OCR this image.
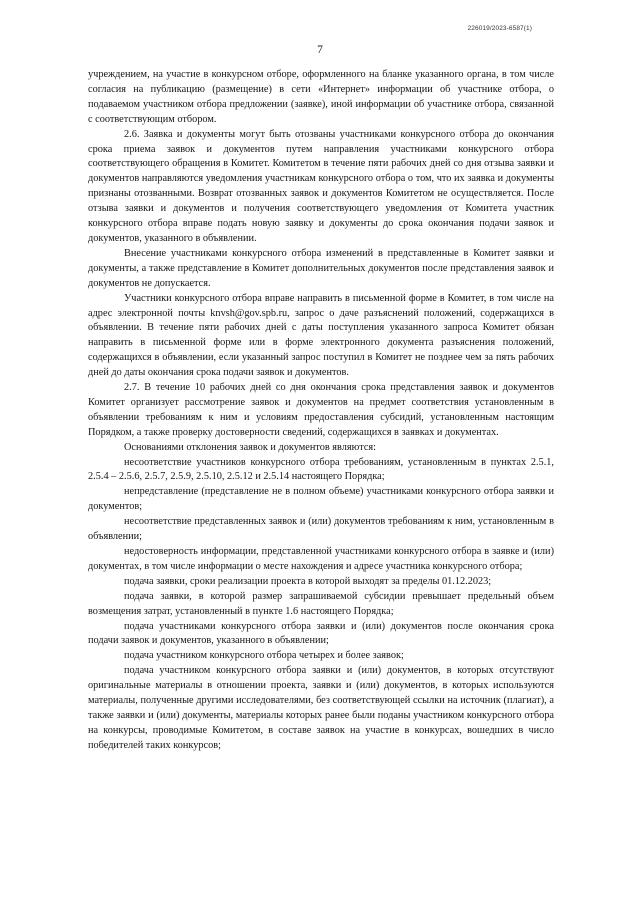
226019/2023-6587(1)
7

учреждением, на участие в конкурсном отборе, оформленного на бланке указанного органа, в том числе согласия на публикацию (размещение) в сети «Интернет» информации об участнике отбора, о подаваемом участником отбора предложении (заявке), иной информации об участнике отбора, связанной с соответствующим отбором.

2.6. Заявка и документы могут быть отозваны участниками конкурсного отбора до окончания срока приема заявок и документов путем направления участниками конкурсного отбора соответствующего обращения в Комитет. Комитетом в течение пяти рабочих дней со дня отзыва заявки и документов направляются уведомления участникам конкурсного отбора о том, что их заявка и документы признаны отозванными. Возврат отозванных заявок и документов Комитетом не осуществляется. После отзыва заявки и документов и получения соответствующего уведомления от Комитета участник конкурсного отбора вправе подать новую заявку и документы до срока окончания подачи заявок и документов, указанного в объявлении.

Внесение участниками конкурсного отбора изменений в представленные в Комитет заявки и документы, а также представление в Комитет дополнительных документов после представления заявок и документов не допускается.

Участники конкурсного отбора вправе направить в письменной форме в Комитет, в том числе на адрес электронной почты knvsh@gov.spb.ru, запрос о даче разъяснений положений, содержащихся в объявлении. В течение пяти рабочих дней с даты поступления указанного запроса Комитет обязан направить в письменной форме или в форме электронного документа разъяснения положений, содержащихся в объявлении, если указанный запрос поступил в Комитет не позднее чем за пять рабочих дней до даты окончания срока подачи заявок и документов.

2.7. В течение 10 рабочих дней со дня окончания срока представления заявок и документов Комитет организует рассмотрение заявок и документов на предмет соответствия установленным в объявлении требованиям к ним и условиям предоставления субсидий, установленным настоящим Порядком, а также проверку достоверности сведений, содержащихся в заявках и документах.

Основаниями отклонения заявок и документов являются:

несоответствие участников конкурсного отбора требованиям, установленным в пунктах 2.5.1, 2.5.4 – 2.5.6, 2.5.7, 2.5.9, 2.5.10, 2.5.12 и 2.5.14 настоящего Порядка;

непредставление (представление не в полном объеме) участниками конкурсного отбора заявки и документов;

несоответствие представленных заявок и (или) документов требованиям к ним, установленным в объявлении;

недостоверность информации, представленной участниками конкурсного отбора в заявке и (или) документах, в том числе информации о месте нахождения и адресе участника конкурсного отбора;

подача заявки, сроки реализации проекта в которой выходят за пределы 01.12.2023;

подача заявки, в которой размер запрашиваемой субсидии превышает предельный объем возмещения затрат, установленный в пункте 1.6 настоящего Порядка;

подача участниками конкурсного отбора заявки и (или) документов после окончания срока подачи заявок и документов, указанного в объявлении;

подача участником конкурсного отбора четырех и более заявок;

подача участником конкурсного отбора заявки и (или) документов, в которых отсутствуют оригинальные материалы в отношении проекта, заявки и (или) документов, в которых используются материалы, полученные другими исследователями, без соответствующей ссылки на источник (плагиат), а также заявки и (или) документы, материалы которых ранее были поданы участником конкурсного отбора на конкурсы, проводимые Комитетом, в составе заявок на участие в конкурсах, вошедших в число победителей таких конкурсов;
